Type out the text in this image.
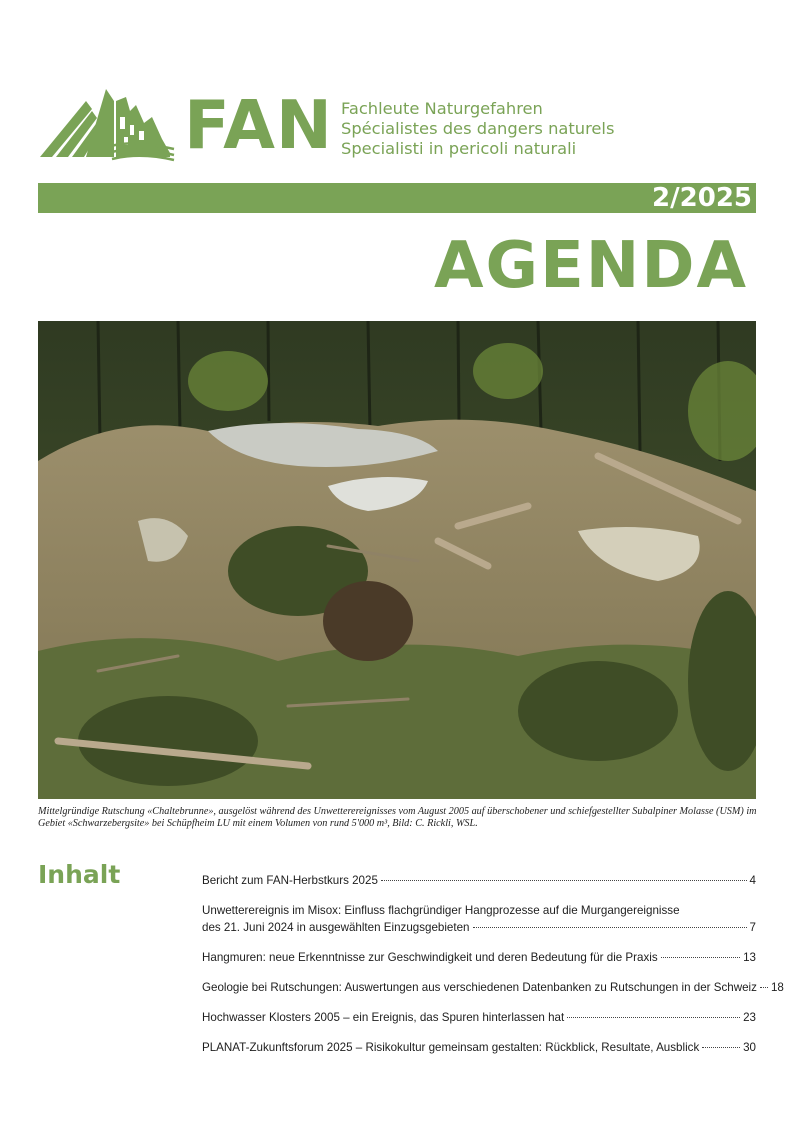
FAN Fachleute Naturgefahren
Spécialistes des dangers naturels
Specialisti in pericoli naturali
2/2025
AGENDA
Mittelgründige Rutschung «Chaltebrunne», ausgelöst während des Unwetterereignisses vom August 2005 auf überschobener und schiefgestellter Subalpiner Molasse (USM) im Gebiet «Schwarzebergsite» bei Schüpfheim LU mit einem Volumen von rund 5'000 m³, Bild: C. Rickli, WSL.
Inhalt	Bericht zum FAN-Herbstkurs 2025	4
Unwetterereignis im Misox: Einfluss flachgründiger Hangprozesse auf die Murgangereignisse
des 21. Juni 2024 in ausgewählten Einzugsgebieten	7
Hangmuren: neue Erkenntnisse zur Geschwindigkeit und deren Bedeutung für die Praxis	13
Geologie bei Rutschungen: Auswertungen aus verschiedenen Datenbanken zu Rutschungen in der Schweiz 18
Hochwasser Klosters 2005 – ein Ereignis, das Spuren hinterlassen hat	23
PLANAT-Zukunftsforum 2025 – Risikokultur gemeinsam gestalten: Rückblick, Resultate, Ausblick	30
